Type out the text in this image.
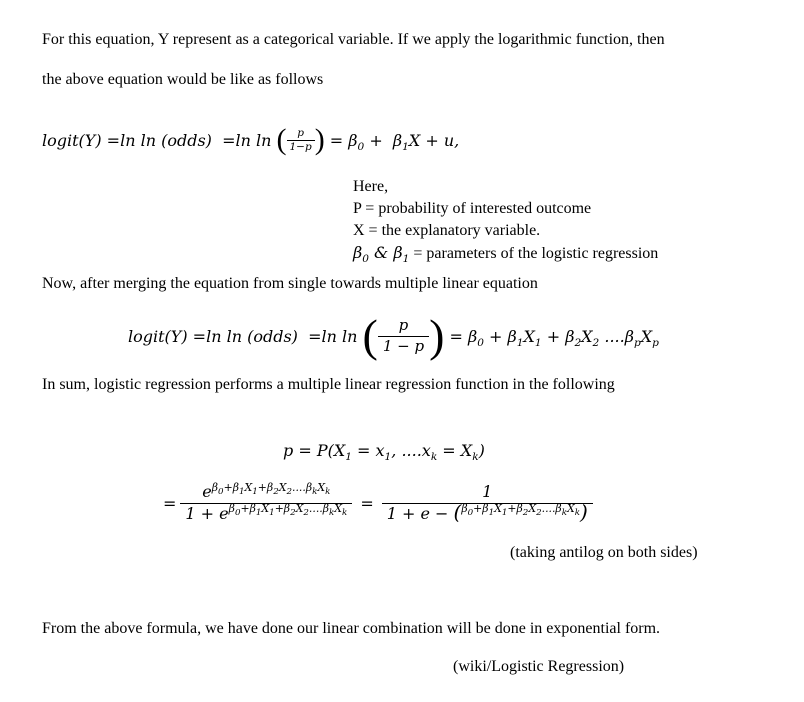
For this equation, Y represent as a categorical variable. If we apply the logarithmic function, then
the above equation would be like as follows
logit(Y) =ln ln (odds)  =ln ln ( $\frac{p}{1-p}$ ) = $\beta_0 + \beta_1X + u$,
Here,
P = probability of interested outcome
X = the explanatory variable.
$\beta_0$ & $\beta_1$ = parameters of the logistic regression
Now, after merging the equation from single towards multiple linear equation
logit(Y) =ln ln (odds)  =ln ln ( $\frac{p}{1 - p}$ ) = $\beta_0 + \beta_1X_1 + \beta_2X_2$ $....\beta_pX_p$
In sum, logistic regression performs a multiple linear regression function in the following
$p = P(X_1 = x_1$, $....x_k = X_k$)
= $\frac{e^{\beta_0+\beta_1X_1+\beta_2X_2....\beta_kX_k}}{1 + e^{\beta_0+\beta_1X_1+\beta_2X_2....\beta_kX_k}} = \frac{1}{1 + e - (^{\beta_0+\beta_1X_1+\beta_2X_2....\beta_kX_k})}$
(taking antilog on both sides)
From the above formula, we have done our linear combination will be done in exponential form.
(wiki/Logistic Regression)
